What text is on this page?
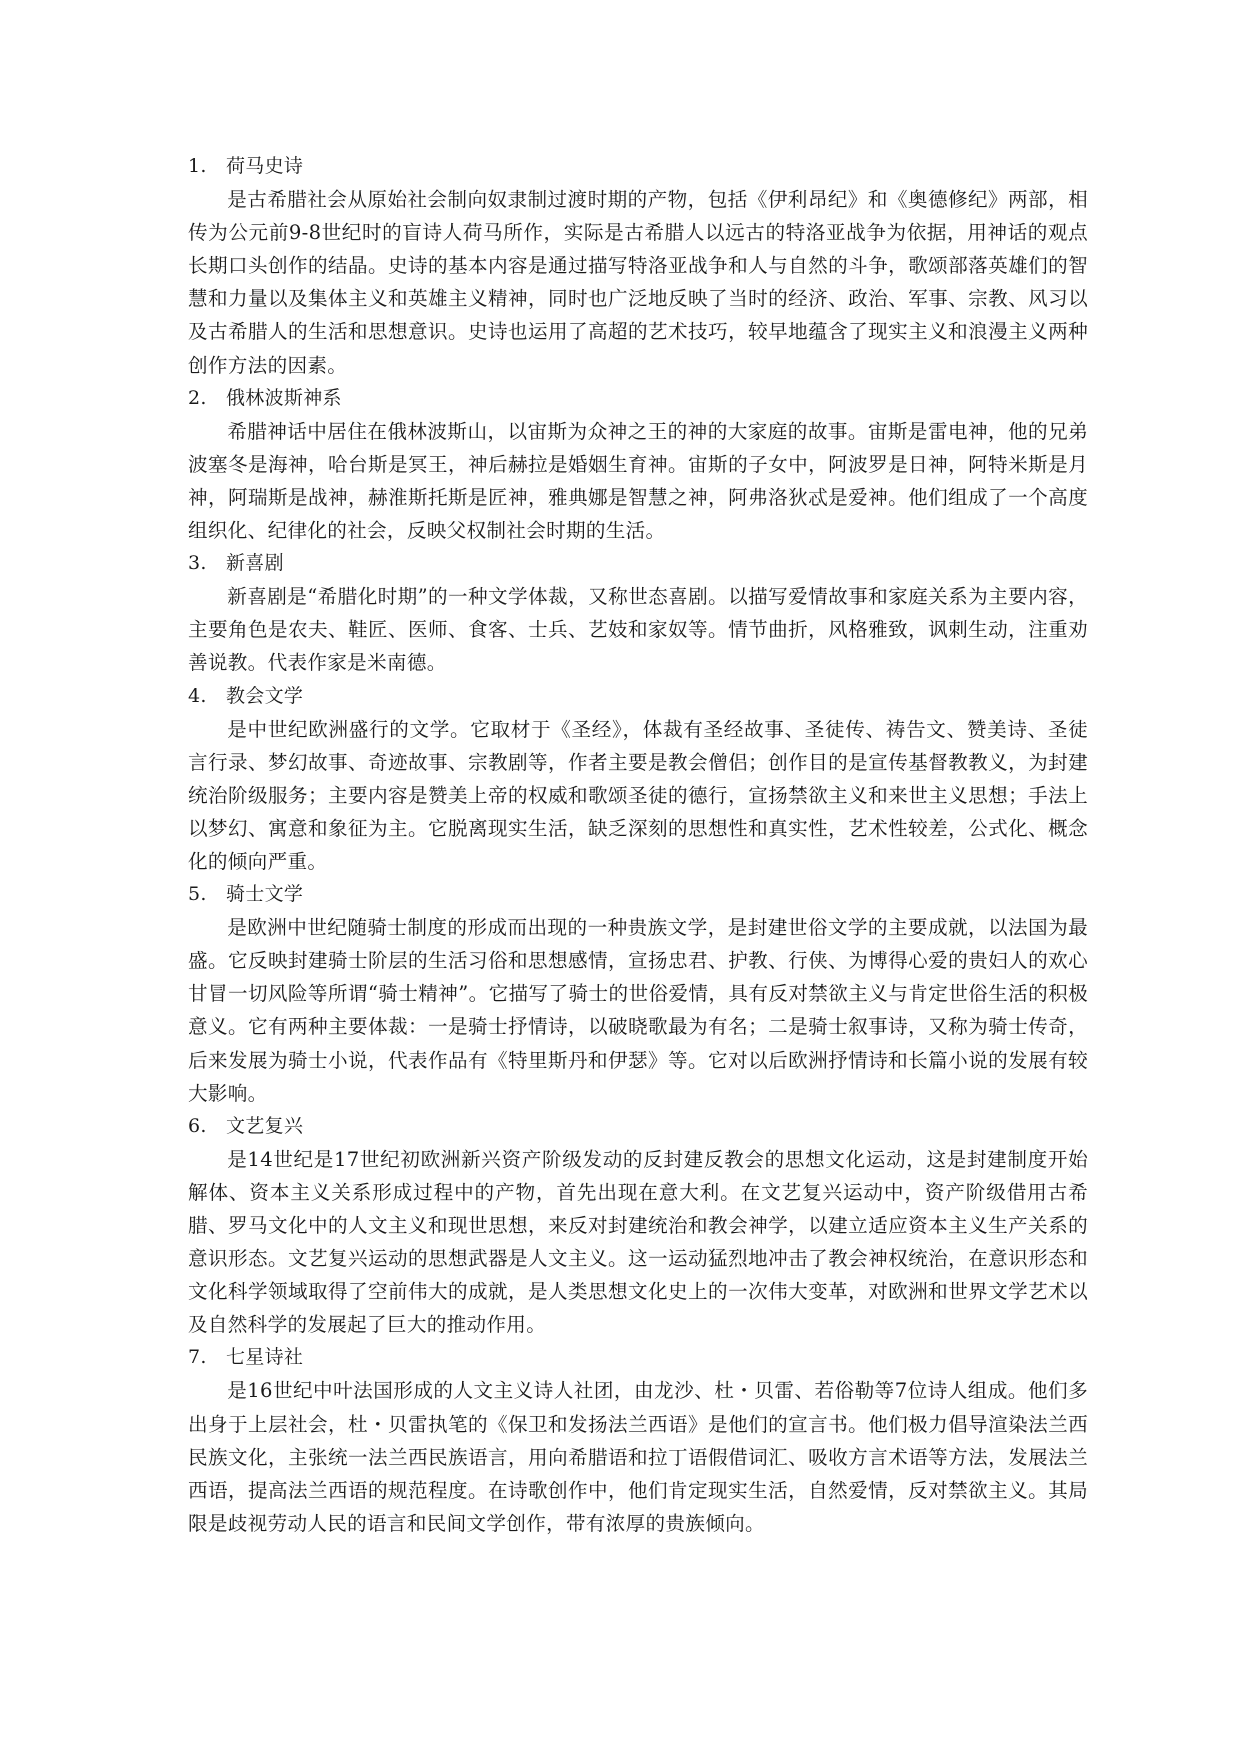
1. 荷马史诗

是古希腊社会从原始社会制向奴隶制过渡时期的产物，包括《伊利昂纪》和《奥德修纪》两部，相传为公元前9-8世纪时的盲诗人荷马所作，实际是古希腊人以远古的特洛亚战争为依据，用神话的观点长期口头创作的结晶。史诗的基本内容是通过描写特洛亚战争和人与自然的斗争，歌颂部落英雄们的智慧和力量以及集体主义和英雄主义精神，同时也广泛地反映了当时的经济、政治、军事、宗教、风习以及古希腊人的生活和思想意识。史诗也运用了高超的艺术技巧，较早地蕴含了现实主义和浪漫主义两种创作方法的因素。

2. 俄林波斯神系

希腊神话中居住在俄林波斯山，以宙斯为众神之王的神的大家庭的故事。宙斯是雷电神，他的兄弟波塞冬是海神，哈台斯是冥王，神后赫拉是婚姻生育神。宙斯的子女中，阿波罗是日神，阿特米斯是月神，阿瑞斯是战神，赫淮斯托斯是匠神，雅典娜是智慧之神，阿弗洛狄忒是爱神。他们组成了一个高度组织化、纪律化的社会，反映父权制社会时期的生活。

3. 新喜剧

新喜剧是“希腊化时期”的一种文学体裁，又称世态喜剧。以描写爱情故事和家庭关系为主要内容，主要角色是农夫、鞋匠、医师、食客、士兵、艺妓和家奴等。情节曲折，风格雅致，讽刺生动，注重劝善说教。代表作家是米南德。

4. 教会文学

是中世纪欧洲盛行的文学。它取材于《圣经》，体裁有圣经故事、圣徒传、祷告文、赞美诗、圣徒言行录、梦幻故事、奇迹故事、宗教剧等，作者主要是教会僧侣；创作目的是宣传基督教教义，为封建统治阶级服务；主要内容是赞美上帝的权威和歌颂圣徒的德行，宣扬禁欲主义和来世主义思想；手法上以梦幻、寓意和象征为主。它脱离现实生活，缺乏深刻的思想性和真实性，艺术性较差，公式化、概念化的倾向严重。

5. 骑士文学

是欧洲中世纪随骑士制度的形成而出现的一种贵族文学，是封建世俗文学的主要成就，以法国为最盛。它反映封建骑士阶层的生活习俗和思想感情，宣扬忠君、护教、行侠、为博得心爱的贵妇人的欢心甘冒一切风险等所谓“骑士精神”。它描写了骑士的世俗爱情，具有反对禁欲主义与肯定世俗生活的积极意义。它有两种主要体裁：一是骑士抒情诗，以破晓歌最为有名；二是骑士叙事诗，又称为骑士传奇，后来发展为骑士小说，代表作品有《特里斯丹和伊瑟》等。它对以后欧洲抒情诗和长篇小说的发展有较大影响。

6. 文艺复兴

是14世纪是17世纪初欧洲新兴资产阶级发动的反封建反教会的思想文化运动，这是封建制度开始解体、资本主义关系形成过程中的产物，首先出现在意大利。在文艺复兴运动中，资产阶级借用古希腊、罗马文化中的人文主义和现世思想，来反对封建统治和教会神学，以建立适应资本主义生产关系的意识形态。文艺复兴运动的思想武器是人文主义。这一运动猛烈地冲击了教会神权统治，在意识形态和文化科学领域取得了空前伟大的成就，是人类思想文化史上的一次伟大变革，对欧洲和世界文学艺术以及自然科学的发展起了巨大的推动作用。

7. 七星诗社

是16世纪中叶法国形成的人文主义诗人社团，由龙沙、杜・贝雷、若俗勒等7位诗人组成。他们多出身于上层社会，杜・贝雷执笔的《保卫和发扬法兰西语》是他们的宣言书。他们极力倡导渲染法兰西民族文化，主张统一法兰西民族语言，用向希腊语和拉丁语假借词汇、吸收方言术语等方法，发展法兰西语，提高法兰西语的规范程度。在诗歌创作中，他们肯定现实生活，自然爱情，反对禁欲主义。其局限是歧视劳动人民的语言和民间文学创作，带有浓厚的贵族倾向。
